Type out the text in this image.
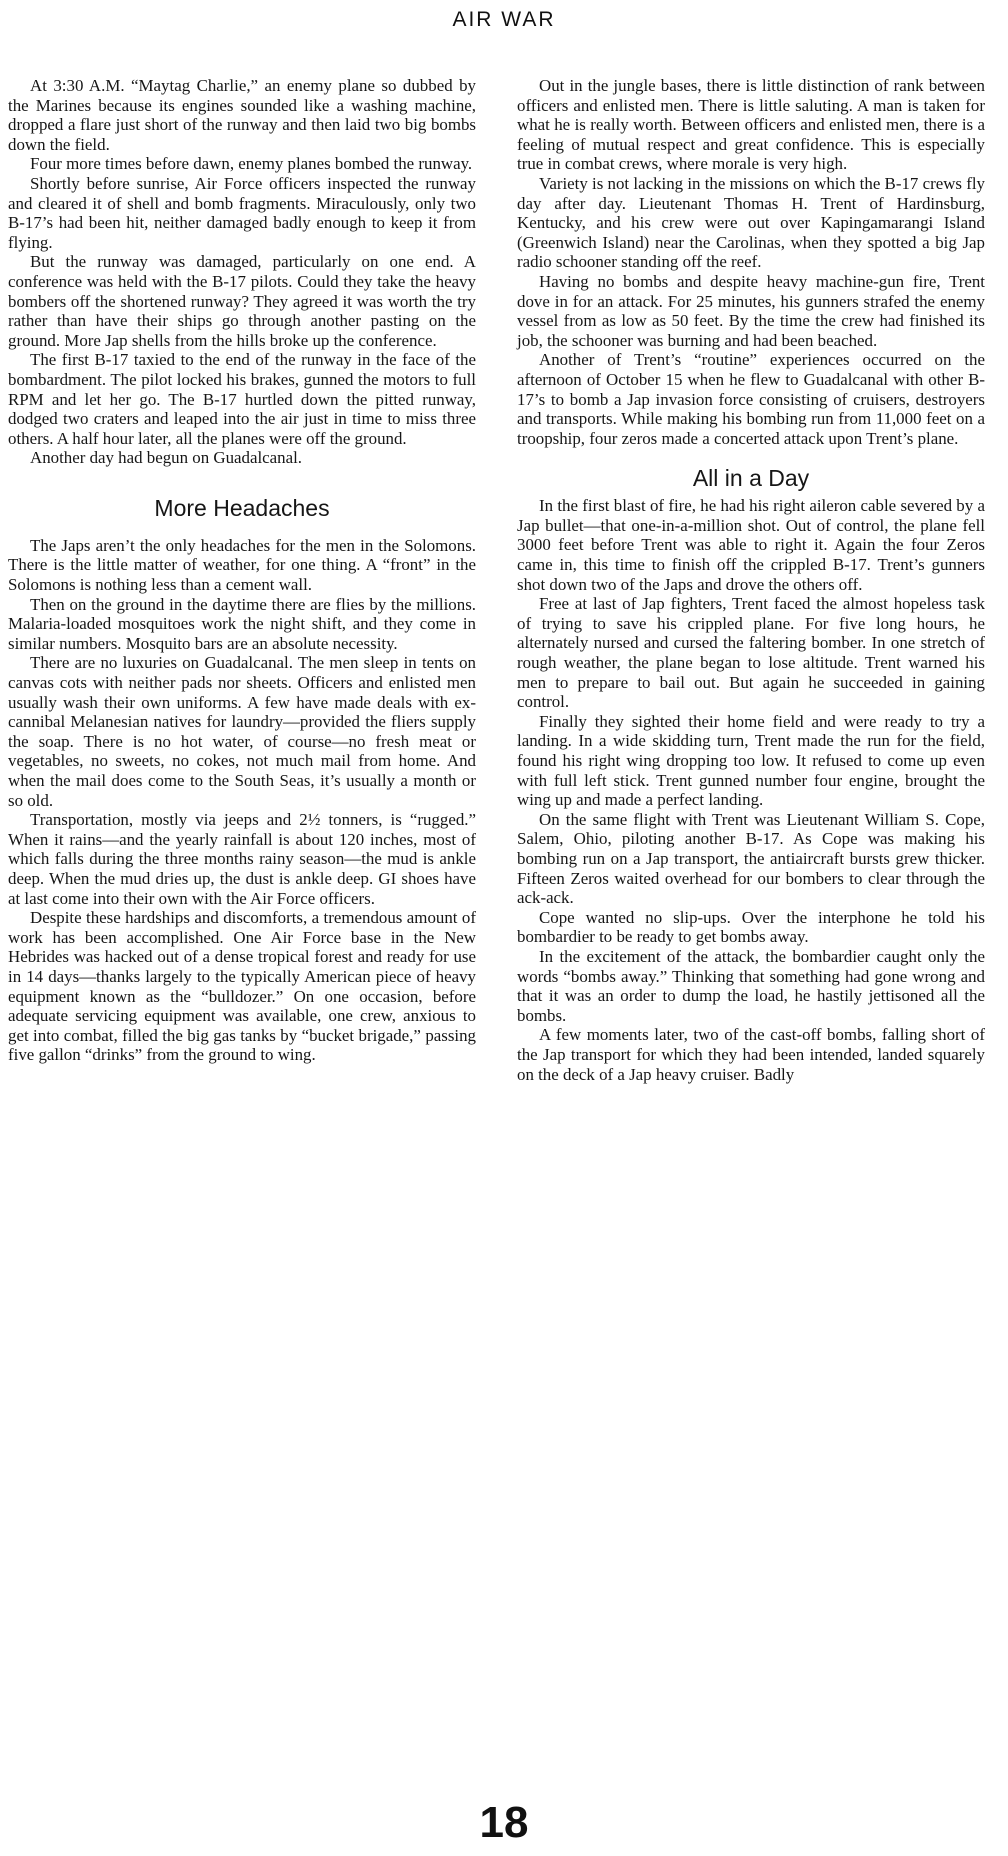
AIR WAR

At 3:30 A.M. “Maytag Charlie,” an enemy plane so dubbed by the Marines because its engines sounded like a washing machine, dropped a flare just short of the runway and then laid two big bombs down the field.

Four more times before dawn, enemy planes bombed the runway.

Shortly before sunrise, Air Force officers inspected the runway and cleared it of shell and bomb fragments. Miraculously, only two B-17’s had been hit, neither damaged badly enough to keep it from flying.

But the runway was damaged, particularly on one end. A conference was held with the B-17 pilots. Could they take the heavy bombers off the shortened runway? They agreed it was worth the try rather than have their ships go through another pasting on the ground. More Jap shells from the hills broke up the conference.

The first B-17 taxied to the end of the runway in the face of the bombardment. The pilot locked his brakes, gunned the motors to full RPM and let her go. The B-17 hurtled down the pitted runway, dodged two craters and leaped into the air just in time to miss three others. A half hour later, all the planes were off the ground.

Another day had begun on Guadalcanal.

More Headaches

The Japs aren’t the only headaches for the men in the Solomons. There is the little matter of weather, for one thing. A “front” in the Solomons is nothing less than a cement wall.

Then on the ground in the daytime there are flies by the millions. Malaria-loaded mosquitoes work the night shift, and they come in similar numbers. Mosquito bars are an absolute necessity.

There are no luxuries on Guadalcanal. The men sleep in tents on canvas cots with neither pads nor sheets. Officers and enlisted men usually wash their own uniforms. A few have made deals with ex-cannibal Melanesian natives for laundry—provided the fliers supply the soap. There is no hot water, of course—no fresh meat or vegetables, no sweets, no cokes, not much mail from home. And when the mail does come to the South Seas, it’s usually a month or so old.

Transportation, mostly via jeeps and 2½ tonners, is “rugged.” When it rains—and the yearly rainfall is about 120 inches, most of which falls during the three months rainy season—the mud is ankle deep. When the mud dries up, the dust is ankle deep. GI shoes have at last come into their own with the Air Force officers.

Despite these hardships and discomforts, a tremendous amount of work has been accomplished. One Air Force base in the New Hebrides was hacked out of a dense tropical forest and ready for use in 14 days—thanks largely to the typically American piece of heavy equipment known as the “bulldozer.” On one occasion, before adequate servicing equipment was available, one crew, anxious to get into combat, filled the big gas tanks by “bucket brigade,” passing five gallon “drinks” from the ground to wing.

Out in the jungle bases, there is little distinction of rank between officers and enlisted men. There is little saluting. A man is taken for what he is really worth. Between officers and enlisted men, there is a feeling of mutual respect and great confidence. This is especially true in combat crews, where morale is very high.

Variety is not lacking in the missions on which the B-17 crews fly day after day. Lieutenant Thomas H. Trent of Hardinsburg, Kentucky, and his crew were out over Kapingamarangi Island (Greenwich Island) near the Carolinas, when they spotted a big Jap radio schooner standing off the reef.

Having no bombs and despite heavy machine-gun fire, Trent dove in for an attack. For 25 minutes, his gunners strafed the enemy vessel from as low as 50 feet. By the time the crew had finished its job, the schooner was burning and had been beached.

Another of Trent’s “routine” experiences occurred on the afternoon of October 15 when he flew to Guadalcanal with other B-17’s to bomb a Jap invasion force consisting of cruisers, destroyers and transports. While making his bombing run from 11,000 feet on a troopship, four zeros made a concerted attack upon Trent’s plane.

All in a Day

In the first blast of fire, he had his right aileron cable severed by a Jap bullet—that one-in-a-million shot. Out of control, the plane fell 3000 feet before Trent was able to right it. Again the four Zeros came in, this time to finish off the crippled B-17. Trent’s gunners shot down two of the Japs and drove the others off.

Free at last of Jap fighters, Trent faced the almost hopeless task of trying to save his crippled plane. For five long hours, he alternately nursed and cursed the faltering bomber. In one stretch of rough weather, the plane began to lose altitude. Trent warned his men to prepare to bail out. But again he succeeded in gaining control.

Finally they sighted their home field and were ready to try a landing. In a wide skidding turn, Trent made the run for the field, found his right wing dropping too low. It refused to come up even with full left stick. Trent gunned number four engine, brought the wing up and made a perfect landing.

On the same flight with Trent was Lieutenant William S. Cope, Salem, Ohio, piloting another B-17. As Cope was making his bombing run on a Jap transport, the antiaircraft bursts grew thicker. Fifteen Zeros waited overhead for our bombers to clear through the ack-ack.

Cope wanted no slip-ups. Over the interphone he told his bombardier to be ready to get bombs away.

In the excitement of the attack, the bombardier caught only the words “bombs away.” Thinking that something had gone wrong and that it was an order to dump the load, he hastily jettisoned all the bombs.

A few moments later, two of the cast-off bombs, falling short of the Jap transport for which they had been intended, landed squarely on the deck of a Jap heavy cruiser. Badly

18
